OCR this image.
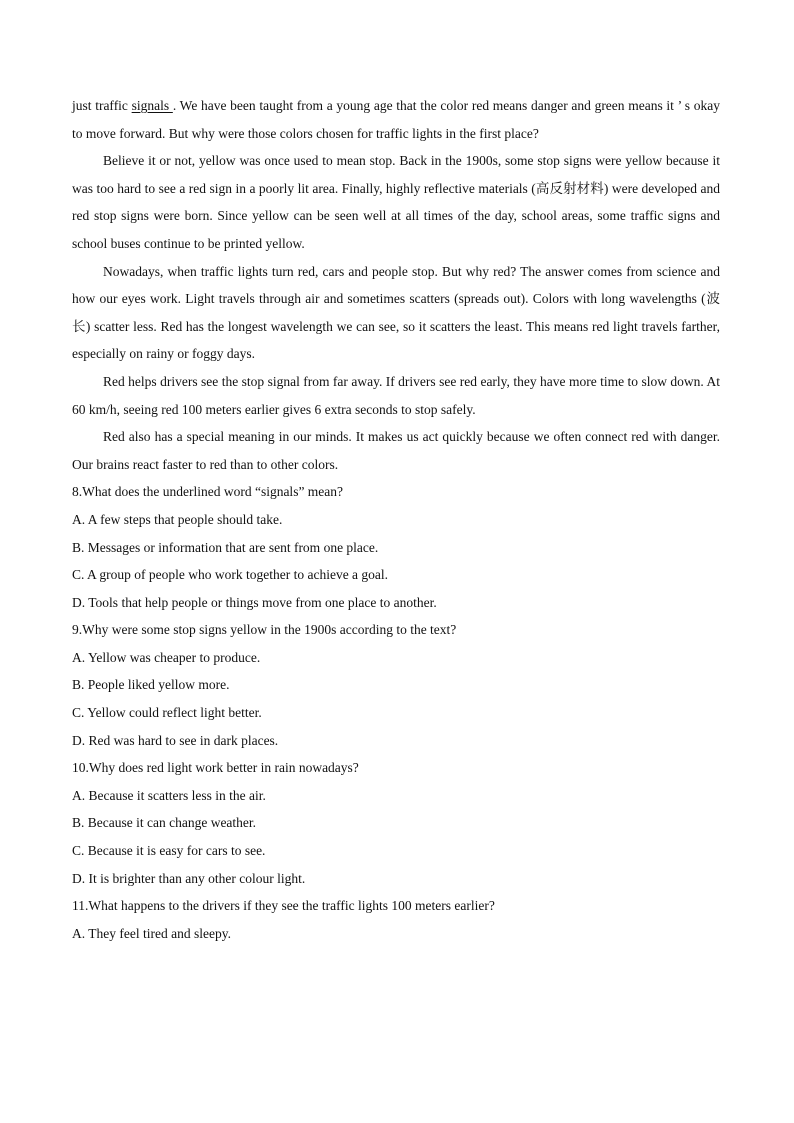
just traffic signals . We have been taught from a young age that the color red means danger and green means it ’ s okay to move forward. But why were those colors chosen for traffic lights in the first place?

Believe it or not, yellow was once used to mean stop. Back in the 1900s, some stop signs were yellow because it was too hard to see a red sign in a poorly lit area. Finally, highly reflective materials (高反射材料) were developed and red stop signs were born. Since yellow can be seen well at all times of the day, school areas, some traffic signs and school buses continue to be printed yellow.

Nowadays, when traffic lights turn red, cars and people stop. But why red? The answer comes from science and how our eyes work. Light travels through air and sometimes scatters (spreads out). Colors with long wavelengths (波长) scatter less. Red has the longest wavelength we can see, so it scatters the least. This means red light travels farther, especially on rainy or foggy days.

Red helps drivers see the stop signal from far away. If drivers see red early, they have more time to slow down. At 60 km/h, seeing red 100 meters earlier gives 6 extra seconds to stop safely.

Red also has a special meaning in our minds. It makes us act quickly because we often connect red with danger. Our brains react faster to red than to other colors.

8.What does the underlined word “signals” mean?

A. A few steps that people should take.

B. Messages or information that are sent from one place.

C. A group of people who work together to achieve a goal.

D. Tools that help people or things move from one place to another.

9.Why were some stop signs yellow in the 1900s according to the text?

A. Yellow was cheaper to produce.

B. People liked yellow more.

C. Yellow could reflect light better.

D. Red was hard to see in dark places.

10.Why does red light work better in rain nowadays?

A. Because it scatters less in the air.

B. Because it can change weather.

C. Because it is easy for cars to see.

D. It is brighter than any other colour light.

11.What happens to the drivers if they see the traffic lights 100 meters earlier?

A. They feel tired and sleepy.
